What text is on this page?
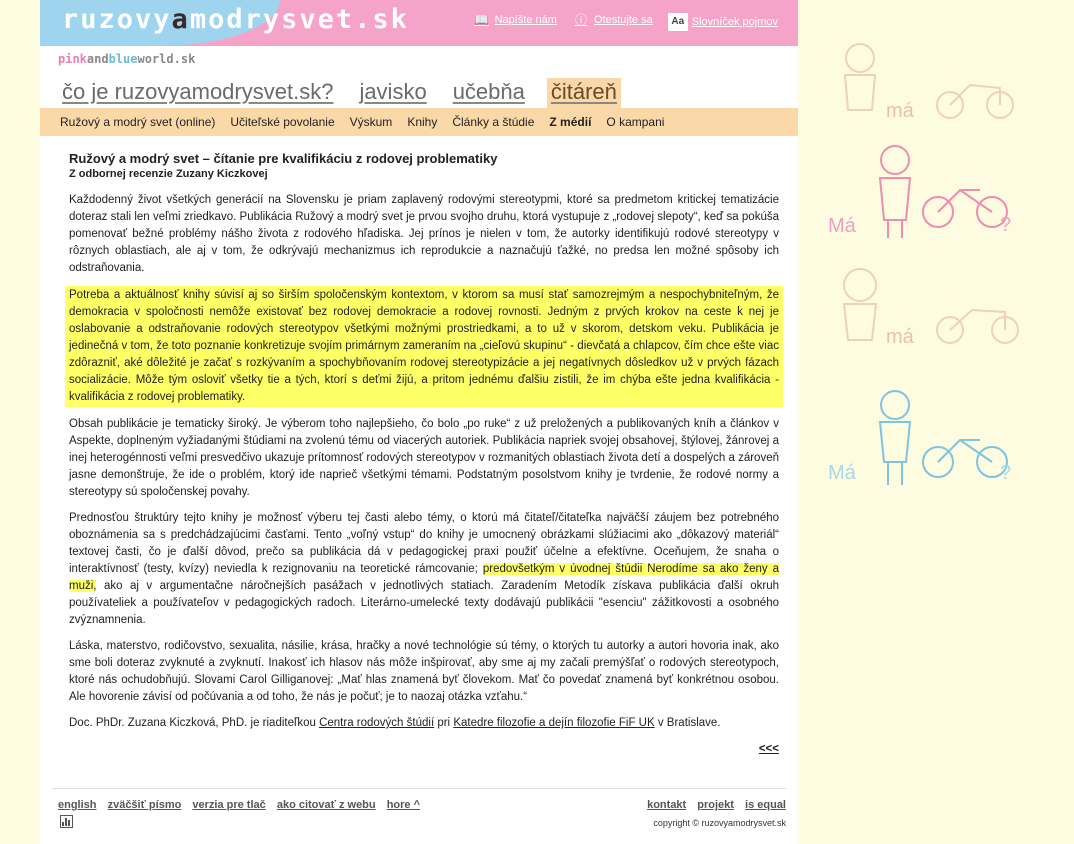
ruzovyamodrysvet.sk	📖 Napíšte nám
ⓘ Otestujte sa
	Aa Slovníček pojmov
pinkandblueworld.sk
čo je ruzovyamodrysvet.sk? javisko učebňa čitáreň
Ružový a modrý svet (online) Učiteľské povolanie Výskum Knihy Články a štúdie Z médií O kampani
Ružový a modrý svet – čítanie pre kvalifikáciu z rodovej problematiky
Z odbornej recenzie Zuzany Kiczkovej

Každodenný život všetkých generácií na Slovensku je priam zaplavený rodovými stereotypmi, ktoré sa predmetom kritickej tematizácie doteraz stali len veľmi zriedkavo. Publikácia Ružový a modrý svet je prvou svojho druhu, ktorá vystupuje z „rodovej slepoty“, keď sa pokúša pomenovať bežné problémy nášho života z rodového hľadiska. Jej prínos je nielen v tom, že autorky identifikujú rodové stereotypy v rôznych oblastiach, ale aj v tom, že odkrývajú mechanizmus ich reprodukcie a naznačujú ťažké, no predsa len možné spôsoby ich odstraňovania.

Potreba a aktuálnosť knihy súvisí aj so širším spoločenským kontextom, v ktorom sa musí stať samozrejmým a nespochybniteľným, že demokracia v spoločnosti nemôže existovať bez rodovej demokracie a rodovej rovnosti. Jedným z prvých krokov na ceste k nej je oslabovanie a odstraňovanie rodových stereotypov všetkými možnými prostriedkami, a to už v skorom, detskom veku. Publikácia je jedinečná v tom, že toto poznanie konkretizuje svojím primárnym zameraním na „cieľovú skupinu“ - dievčatá a chlapcov, čím chce ešte viac zdôrazniť, aké dôležité je začať s rozkývaním a spochybňovaním rodovej stereotypizácie a jej negatívnych dôsledkov už v prvých fázach socializácie. Môže tým osloviť všetky tie a tých, ktorí s deťmi žijú, a pritom jednému ďalšiu zistili, že im chýba ešte jedna kvalifikácia - kvalifikácia z rodovej problematiky.

Obsah publikácie je tematicky široký. Je výberom toho najlepšieho, čo bolo „po ruke“ z už preložených a publikovaných kníh a článkov v Aspekte, doplneným vyžiadanými štúdiami na zvolenú tému od viacerých autoriek. Publikácia napriek svojej obsahovej, štýlovej, žánrovej a inej heterogénnosti veľmi presvedčivo ukazuje prítomnosť rodových stereotypov v rozmanitých oblastiach života detí a dospelých a zároveň jasne demonštruje, že ide o problém, ktorý ide naprieč všetkými témami. Podstatným posolstvom knihy je tvrdenie, že rodové normy a stereotypy sú spoločenskej povahy.

Prednosťou štruktúry tejto knihy je možnosť výberu tej časti alebo témy, o ktorú má čitateľ/čitateľka najväčší záujem bez potrebného oboznámenia sa s predchádzajúcimi časťami. Tento „voľný vstup“ do knihy je umocnený obrázkami slúžiacimi ako „dôkazový materiál“ textovej časti, čo je ďalší dôvod, prečo sa publikácia dá v pedagogickej praxi použiť účelne a efektívne. Oceňujem, že snaha o interaktívnosť (testy, kvízy) neviedla k rezignovaniu na teoretické rámcovanie; predovšetkým v úvodnej štúdii Nerodíme sa ako ženy a muži, ako aj v argumentačne náročnejších pasážach v jednotlivých statiach. Zaradením Metodík získava publikácia ďalší okruh používateliek a používateľov v pedagogických radoch. Literárno-umelecké texty dodávajú publikácii "esenciu" zážitkovosti a osobného zvýznamnenia.

Láska, materstvo, rodičovstvo, sexualita, násilie, krása, hračky a nové technológie sú témy, o ktorých tu autorky a autori hovoria inak, ako sme boli doteraz zvyknuté a zvyknutí. Inakosť ich hlasov nás môže inšpirovať, aby sme aj my začali premýšľať o rodových stereotypoch, ktoré nás ochudobňujú. Slovami Carol Gilliganovej: „Mať hlas znamená byť človekom. Mať čo povedať znamená byť konkrétnou osobou. Ale hovorenie závisí od počúvania a od toho, že nás je počuť; je to naozaj otázka vzťahu.“

Doc. PhDr. Zuzana Kiczková, PhD. je riaditeľkou Centra rodových štúdií pri Katedre filozofie a dejín filozofie FiF UK v Bratislave.

<<<
english zväčšiť písmo verzia pre tlač ako citovať z webu hore ^	kontakt projekt is equal
copyright © ruzovyamodrysvet.sk
má
Má	?
má
Má	?
